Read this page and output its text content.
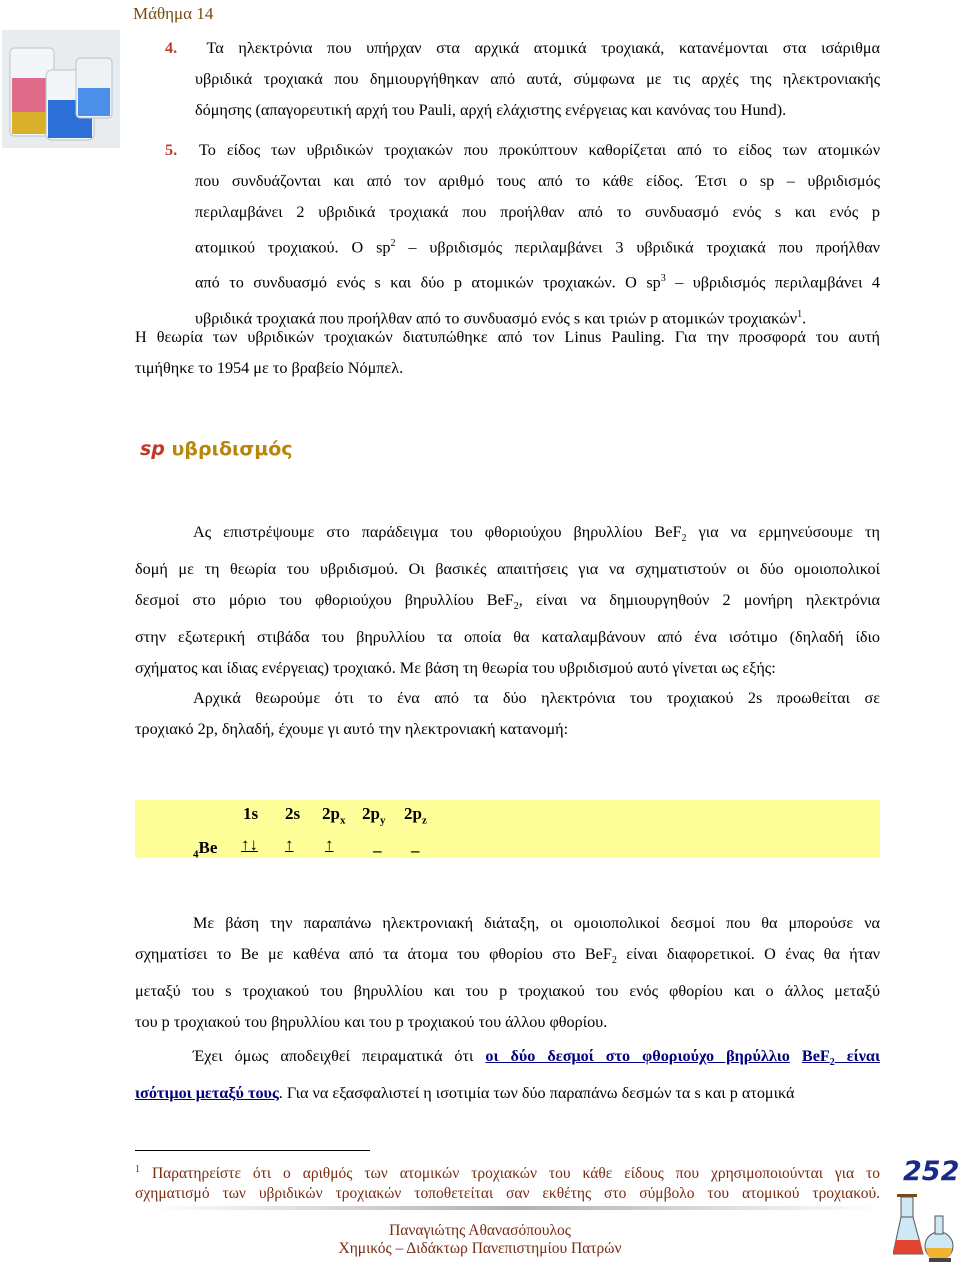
Μάθημα 14
4. Τα ηλεκτρόνια που υπήρχαν στα αρχικά ατομικά τροχιακά, κατανέμονται στα ισάριθμα
υβριδικά τροχιακά που δημιουργήθηκαν από αυτά, σύμφωνα με τις αρχές της ηλεκτρονιακής
δόμησης (απαγορευτική αρχή του Pauli, αρχή ελάχιστης ενέργειας και κανόνας του Hund).
5. Το είδος των υβριδικών τροχιακών που προκύπτουν καθορίζεται από το είδος των ατομικών
που συνδυάζονται και από τον αριθμό τους από το κάθε είδος. Έτσι ο sp – υβριδισμός
περιλαμβάνει 2 υβριδικά τροχιακά που προήλθαν από το συνδυασμό ενός s και ενός p
ατομικού τροχιακού. Ο $sp^2$ – υβριδισμός περιλαμβάνει 3 υβριδικά τροχιακά που προήλθαν
από το συνδυασμό ενός s και δύο p ατομικών τροχιακών. Ο $sp^3$ – υβριδισμός περιλαμβάνει 4
υβριδικά τροχιακά που προήλθαν από το συνδυασμό ενός s και τριών p ατομικών τροχιακών$^1$.
Η θεωρία των υβριδικών τροχιακών διατυπώθηκε από τον Linus Pauling. Για την προσφορά του αυτή
τιμήθηκε το 1954 με το βραβείο Νόμπελ.
sp υβριδισμός
Ας επιστρέψουμε στο παράδειγμα του φθοριούχου βηρυλλίου BeF$_2$ για να ερμηνεύσουμε τη
δομή με τη θεωρία του υβριδισμού. Οι βασικές απαιτήσεις για να σχηματιστούν οι δύο ομοιοπολικοί
δεσμοί στο μόριο του φθοριούχου βηρυλλίου BeF$_2$, είναι να δημιουργηθούν 2 μονήρη ηλεκτρόνια
στην εξωτερική στιβάδα του βηρυλλίου τα οποία θα καταλαμβάνουν από ένα ισότιμο (δηλαδή ίδιο
σχήματος και ίδιας ενέργειας) τροχιακό. Με βάση τη θεωρία του υβριδισμού αυτό γίνεται ως εξής:
Αρχικά θεωρούμε ότι το ένα από τα δύο ηλεκτρόνια του τροχιακού 2s προωθείται σε
τροχιακό 2p, δηλαδή, έχουμε γι αυτό την ηλεκτρονιακή κατανομή:
1s 2s $2p_x$ $2p_y$ $2p_z$
$_4$Be ↑↓ ↑ ↑ _ _
Με βάση την παραπάνω ηλεκτρονιακή διάταξη, οι ομοιοπολικοί δεσμοί που θα μπορούσε να
σχηματίσει το Be με καθένα από τα άτομα του φθορίου στο BeF$_2$ είναι διαφορετικοί. Ο ένας θα ήταν
μεταξύ του s τροχιακού του βηρυλλίου και του p τροχιακού του ενός φθορίου και ο άλλος μεταξύ
του p τροχιακού του βηρυλλίου και του p τροχιακού του άλλου φθορίου.
Έχει όμως αποδειχθεί πειραματικά ότι οι δύο δεσμοί στο φθοριούχο βηρύλλιο BeF$_2$ είναι
ισότιμοι μεταξύ τους. Για να εξασφαλιστεί η ισοτιμία των δύο παραπάνω δεσμών τα s και p ατομικά
$^1$ Παρατηρείστε ότι ο αριθμός των ατομικών τροχιακών του κάθε είδους που χρησιμοποιούνται για το
σχηματισμό των υβριδικών τροχιακών τοποθετείται σαν εκθέτης στο σύμβολο του ατομικού τροχιακού.
252
Παναγιώτης Αθανασόπουλος
Χημικός – Διδάκτωρ Πανεπιστημίου Πατρών
